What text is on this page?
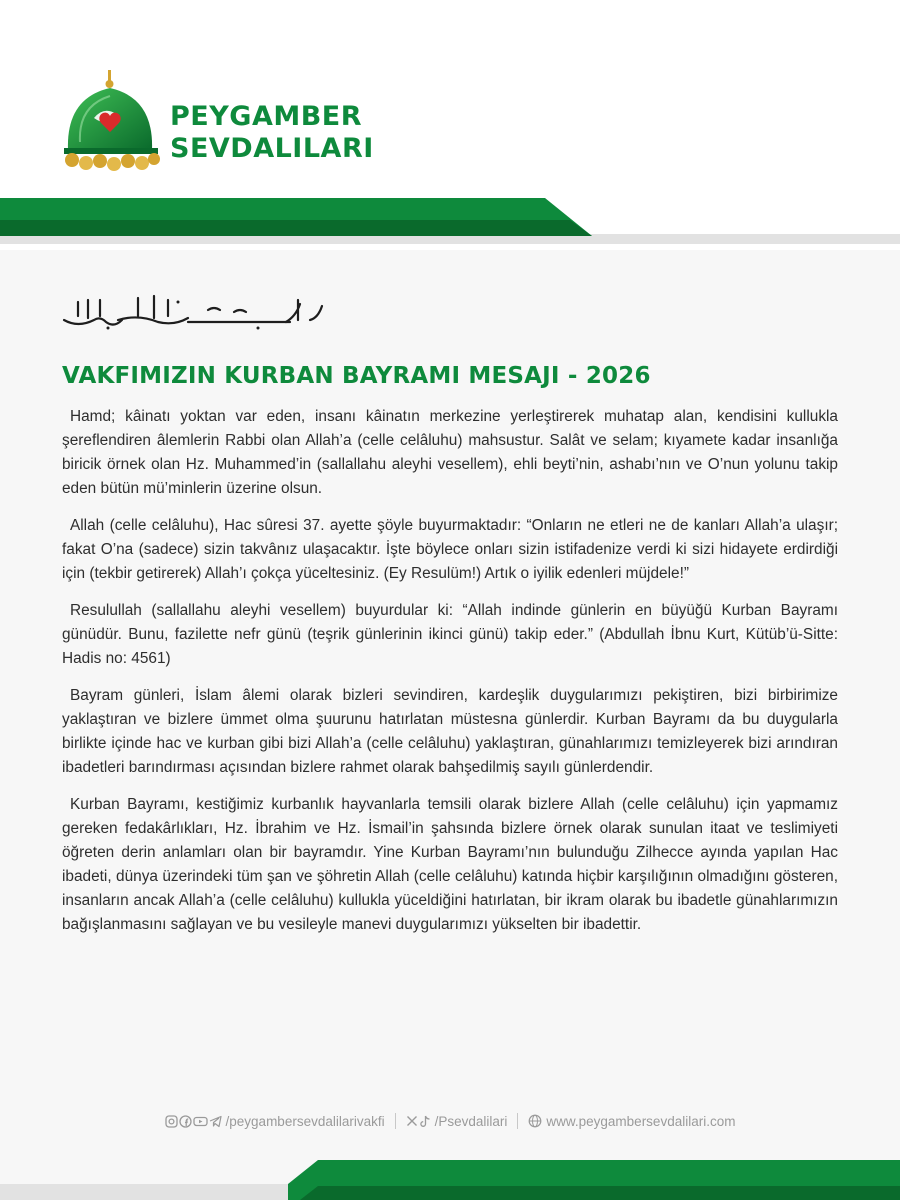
PEYGAMBER
SEVDALILARI
VAKFIMIZIN KURBAN BAYRAMI MESAJI - 2026

Hamd; kâinatı yoktan var eden, insanı kâinatın merkezine yerleştirerek muhatap alan, kendisini kullukla şereflendiren âlemlerin Rabbi olan Allah’a (celle celâluhu) mahsustur. Salât ve selam; kıyamete kadar insanlığa biricik örnek olan Hz. Muhammed’in (sallallahu aleyhi vesellem), ehli beyti’nin, ashabı’nın ve O’nun yolunu takip eden bütün mü’minlerin üzerine olsun.

Allah (celle celâluhu), Hac sûresi 37. ayette şöyle buyurmaktadır: “Onların ne etleri ne de kanları Allah’a ulaşır; fakat O’na (sadece) sizin takvânız ulaşacaktır. İşte böylece onları sizin istifadenize verdi ki sizi hidayete erdirdiği için (tekbir getirerek) Allah’ı çokça yüceltesiniz. (Ey Resulüm!) Artık o iyilik edenleri müjdele!”

Resulullah (sallallahu aleyhi vesellem) buyurdular ki: “Allah indinde günlerin en büyüğü Kurban Bayramı günüdür. Bunu, fazilette nefr günü (teşrik günlerinin ikinci günü) takip eder.” (Abdullah İbnu Kurt, Kütüb’ü-Sitte: Hadis no: 4561)

Bayram günleri, İslam âlemi olarak bizleri sevindiren, kardeşlik duygularımızı pekiştiren, bizi birbirimize yaklaştıran ve bizlere ümmet olma şuurunu hatırlatan müstesna günlerdir. Kurban Bayramı da bu duygularla birlikte içinde hac ve kurban gibi bizi Allah’a (celle celâluhu) yaklaştıran, günahlarımızı temizleyerek bizi arındıran ibadetleri barındırması açısından bizlere rahmet olarak bahşedilmiş sayılı günlerdendir.

Kurban Bayramı, kestiğimiz kurbanlık hayvanlarla temsili olarak bizlere Allah (celle celâluhu) için yapmamız gereken fedakârlıkları, Hz. İbrahim ve Hz. İsmail’in şahsında bizlere örnek olarak sunulan itaat ve teslimiyeti öğreten derin anlamları olan bir bayramdır. Yine Kurban Bayramı’nın bulunduğu Zilhecce ayında yapılan Hac ibadeti, dünya üzerindeki tüm şan ve şöhretin Allah (celle celâluhu) katında hiçbir karşılığının olmadığını gösteren, insanların ancak Allah’a (celle celâluhu) kullukla yüceldiğini hatırlatan, bir ikram olarak bu ibadetle günahlarımızın bağışlanmasını sağlayan ve bu vesileyle manevi duygularımızı yükselten bir ibadettir.

/peygambersevdalilarivakfi	/Psevdalilari	www.peygambersevdalilari.com
